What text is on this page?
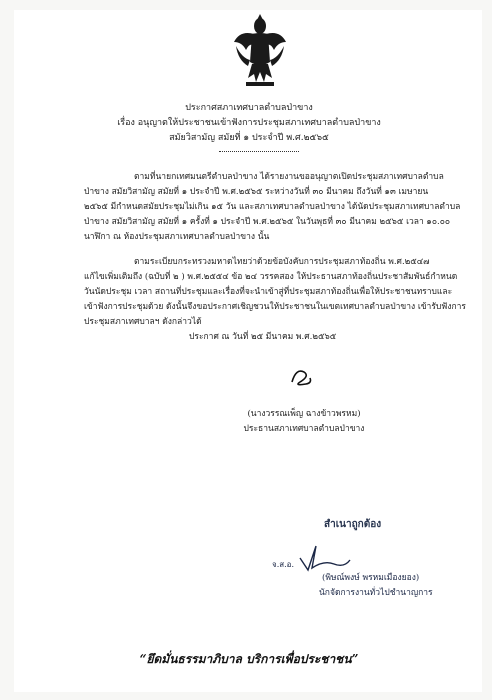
ประกาศสภาเทศบาลตำบลป่าขาง
เรื่อง อนุญาตให้ประชาชนเข้าฟังการประชุมสภาเทศบาลตำบลป่าขาง
สมัยวิสามัญ สมัยที่ ๑ ประจำปี พ.ศ.๒๕๖๕
ตามที่นายกเทศมนตรีตำบลป่าขาง ได้รายงานขออนุญาตเปิดประชุมสภาเทศบาลตำบล
ป่าขาง สมัยวิสามัญ สมัยที่ ๑ ประจำปี พ.ศ.๒๕๖๕ ระหว่างวันที่ ๓๐ มีนาคม ถึงวันที่ ๑๓ เมษายน
๒๕๖๕ มีกำหนดสมัยประชุมไม่เกิน ๑๕ วัน และสภาเทศบาลตำบลป่าขาง ได้นัดประชุมสภาเทศบาลตำบล
ป่าขาง สมัยวิสามัญ สมัยที่ ๑ ครั้งที่ ๑ ประจำปี พ.ศ.๒๕๖๕ ในวันพุธที่ ๓๐ มีนาคม ๒๕๖๕ เวลา ๑๐.๐๐
นาฬิกา ณ ห้องประชุมสภาเทศบาลตำบลป่าขาง นั้น
ตามระเบียบกระทรวงมหาดไทยว่าด้วยข้อบังคับการประชุมสภาท้องถิ่น พ.ศ.๒๕๔๗
แก้ไขเพิ่มเติมถึง (ฉบับที่ ๒ ) พ.ศ.๒๕๕๔ ข้อ ๒๔ วรรคสอง ให้ประธานสภาท้องถิ่นประชาสัมพันธ์กำหนด
วันนัดประชุม เวลา สถานที่ประชุมและเรื่องที่จะนำเข้าสู่ที่ประชุมสภาท้องถิ่นเพื่อให้ประชาชนทราบและ
เข้าฟังการประชุมด้วย ดังนั้นจึงขอประกาศเชิญชวนให้ประชาชนในเขตเทศบาลตำบลป่าขาง เข้ารับฟังการ
ประชุมสภาเทศบาลฯ ดังกล่าวได้
ประกาศ ณ วันที่ ๒๕ มีนาคม พ.ศ.๒๕๖๕
(นางวรรณเพ็ญ ฉางข้าวพรหม)
ประธานสภาเทศบาลตำบลป่าขาง
สำเนาถูกต้อง
จ.ส.อ.
(พิษณ์พงษ์ พรหมเมืองยอง)
นักจัดการงานทั่วไปชำนาญการ
“ยึดมั่นธรรมาภิบาล บริการเพื่อประชาชน”
